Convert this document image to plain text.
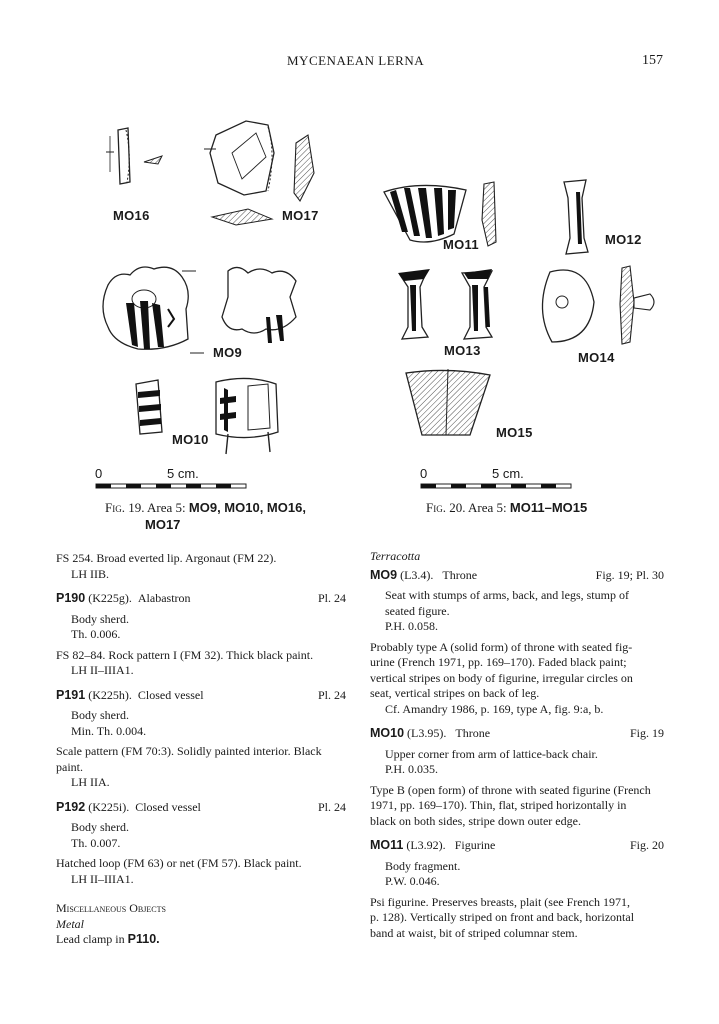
MYCENAEAN LERNA	157
MO16	MO17
MO9
MO10
0	5 cm.
Fig. 19. Area 5: MO9, MO10, MO16,
MO17
MO11	MO12
MO13	MO14
MO15
0	5 cm.
Fig. 20. Area 5: MO11–MO15

FS 254. Broad everted lip. Argonaut (FM 22).

LH IIB.

P190 (K225g). Alabastron	Pl. 24

Body sherd.

Th. 0.006.

FS 82–84. Rock pattern I (FM 32). Thick black paint.

LH II–IIIA1.

P191 (K225h). Closed vessel	Pl. 24

Body sherd.

Min. Th. 0.004.

Scale pattern (FM 70:3). Solidly painted interior. Black

paint.

LH IIA.

P192 (K225i). Closed vessel	Pl. 24

Body sherd.

Th. 0.007.

Hatched loop (FM 63) or net (FM 57). Black paint.

LH II–IIIA1.

Miscellaneous Objects

Metal

Lead clamp in P110.

Terracotta

MO9 (L3.4). Throne	Fig. 19; Pl. 30

Seat with stumps of arms, back, and legs, stump of

seated figure.

P.H. 0.058.

Probably type A (solid form) of throne with seated fig-

urine (French 1971, pp. 169–170). Faded black paint;

vertical stripes on body of figurine, irregular circles on

seat, vertical stripes on back of leg.

Cf. Amandry 1986, p. 169, type A, fig. 9:a, b.

MO10 (L3.95). Throne	Fig. 19

Upper corner from arm of lattice-back chair.

P.H. 0.035.

Type B (open form) of throne with seated figurine (French

1971, pp. 169–170). Thin, flat, striped horizontally in

black on both sides, stripe down outer edge.

MO11 (L3.92). Figurine	Fig. 20

Body fragment.

P.W. 0.046.

Psi figurine. Preserves breasts, plait (see French 1971,

p. 128). Vertically striped on front and back, horizontal

band at waist, bit of striped columnar stem.
